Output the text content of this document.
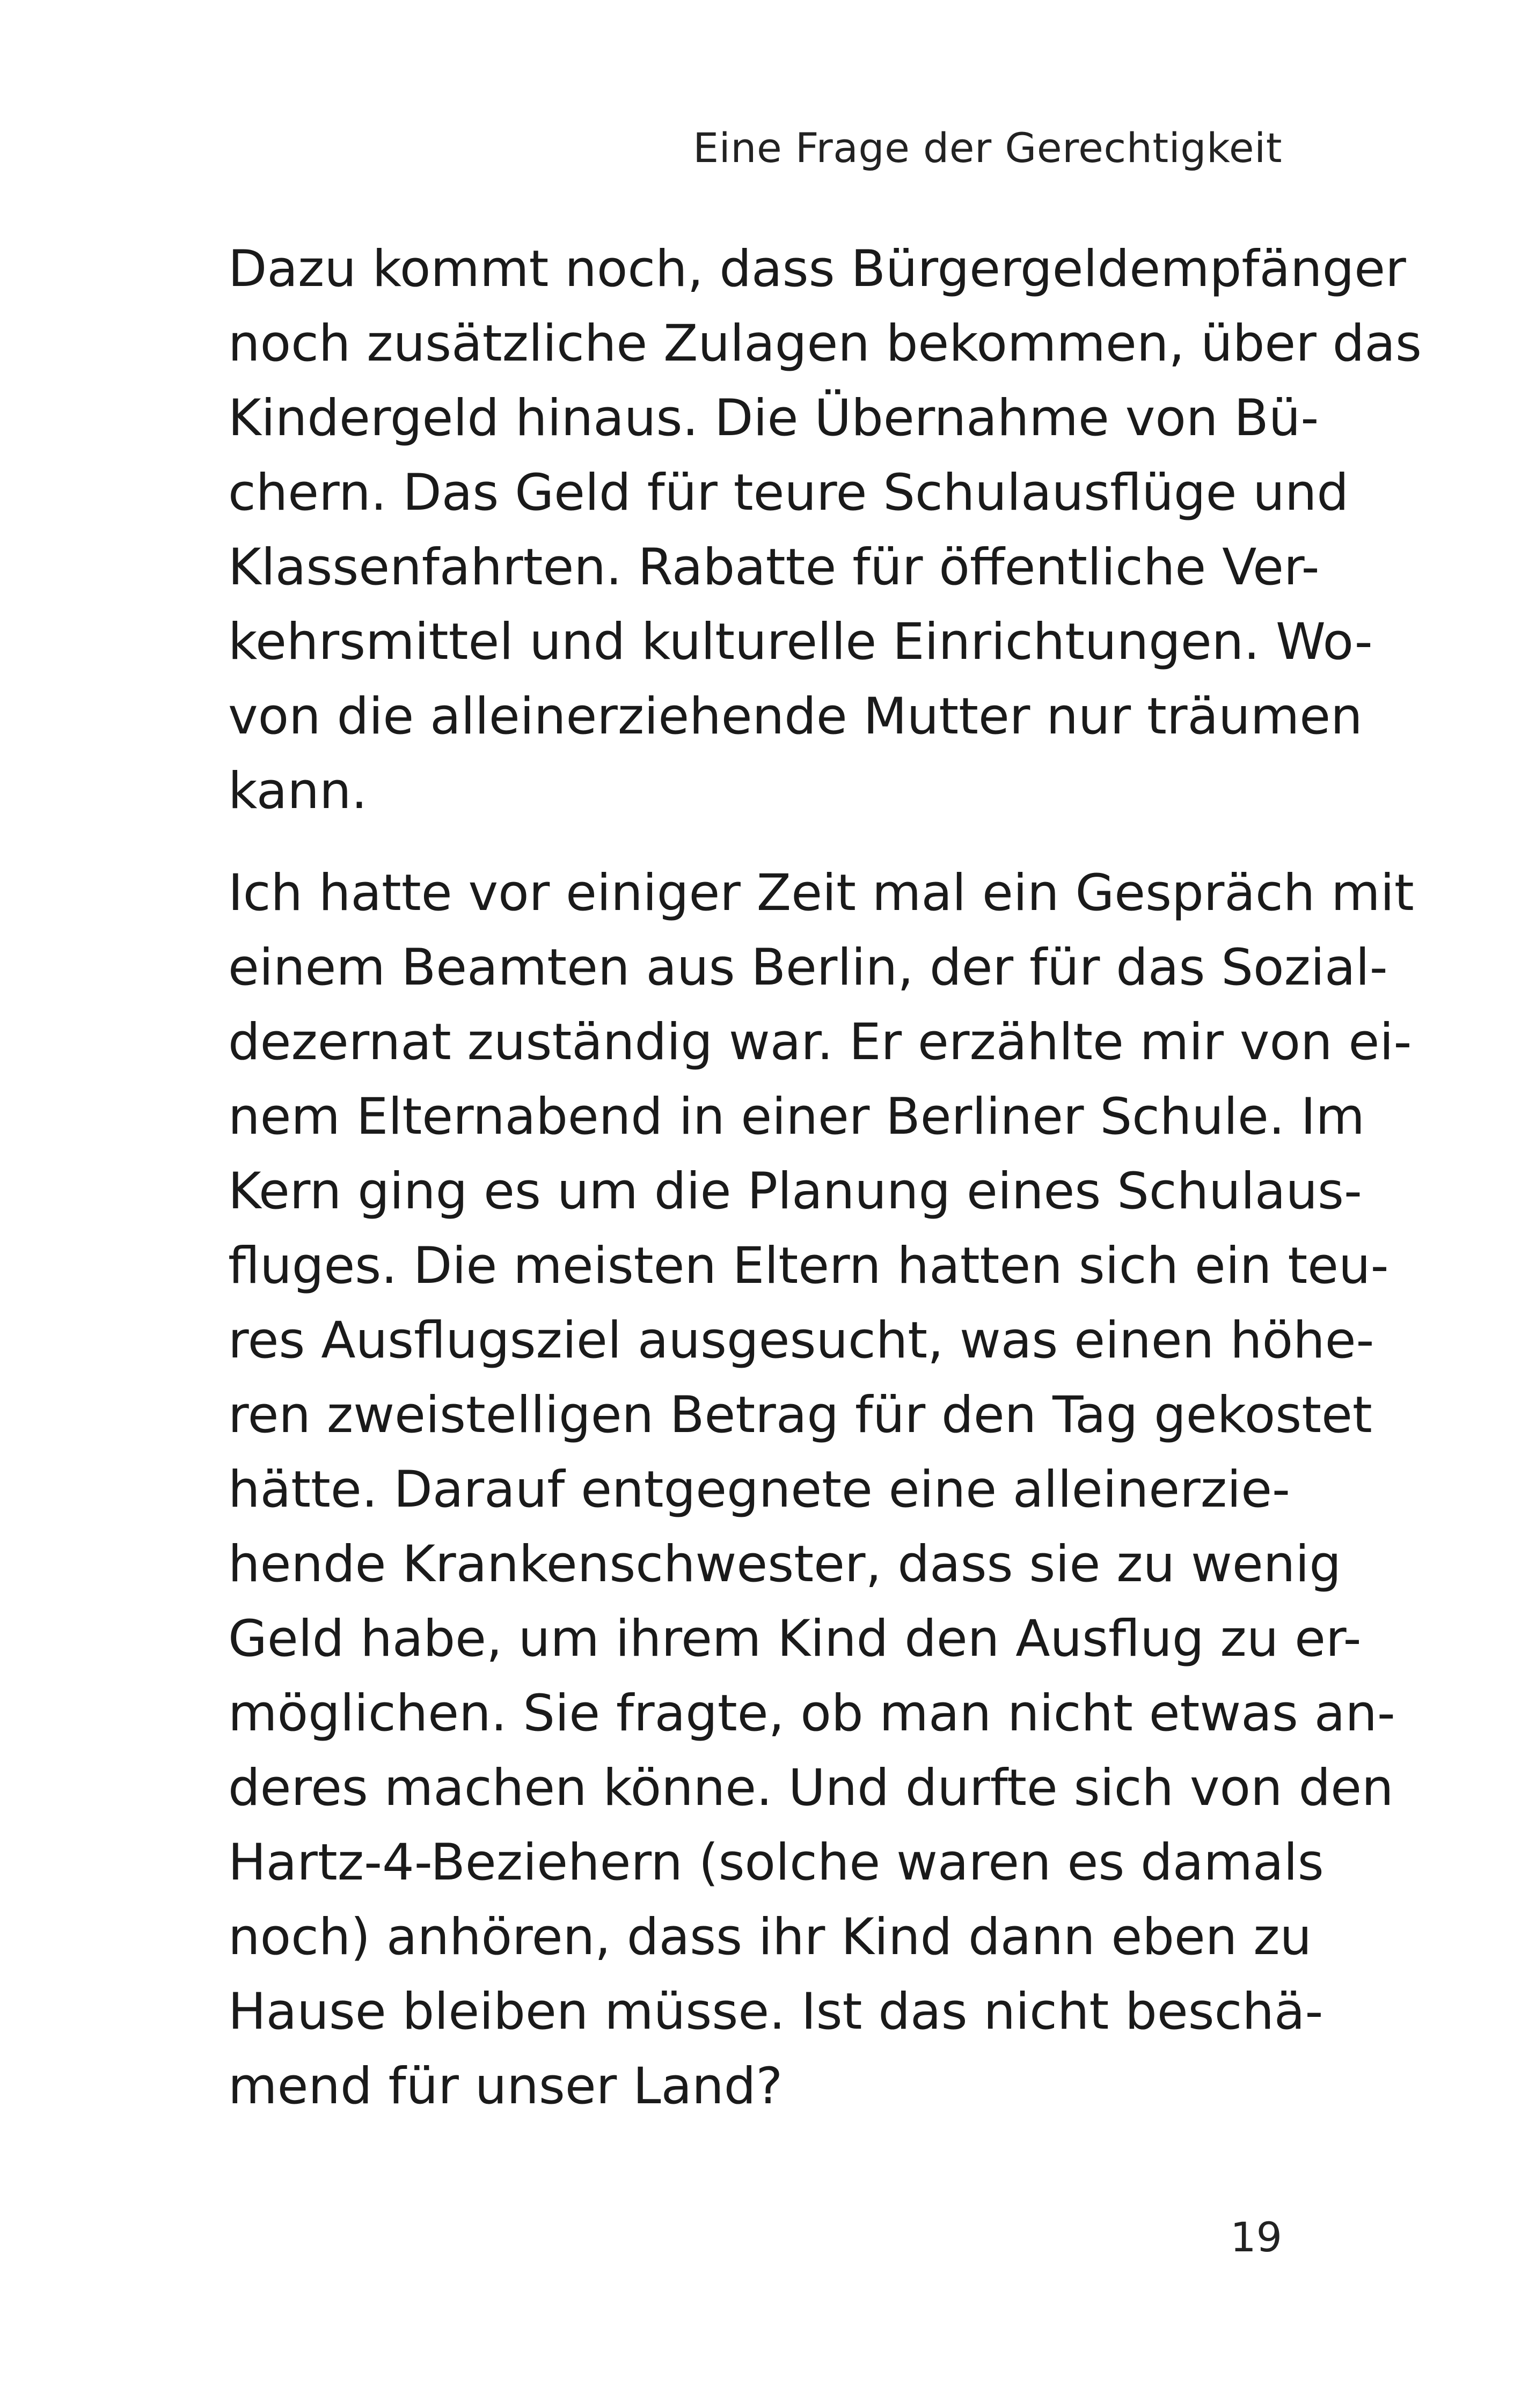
Eine Frage der Gerechtigkeit
Dazu kommt noch, dass Bürgergeldempfänger
noch zusätzliche Zulagen bekommen, über das
Kindergeld hinaus. Die Übernahme von Bü-
chern. Das Geld für teure Schulausflüge und
Klassenfahrten. Rabatte für öffentliche Ver-
kehrsmittel und kulturelle Einrichtungen. Wo-
von die alleinerziehende Mutter nur träumen
kann.
Ich hatte vor einiger Zeit mal ein Gespräch mit
einem Beamten aus Berlin, der für das Sozial-
dezernat zuständig war. Er erzählte mir von ei-
nem Elternabend in einer Berliner Schule. Im
Kern ging es um die Planung eines Schulaus-
fluges. Die meisten Eltern hatten sich ein teu-
res Ausflugsziel ausgesucht, was einen höhe-
ren zweistelligen Betrag für den Tag gekostet
hätte. Darauf entgegnete eine alleinerzie-
hende Krankenschwester, dass sie zu wenig
Geld habe, um ihrem Kind den Ausflug zu er-
möglichen. Sie fragte, ob man nicht etwas an-
deres machen könne. Und durfte sich von den
Hartz-4-Beziehern (solche waren es damals
noch) anhören, dass ihr Kind dann eben zu
Hause bleiben müsse. Ist das nicht beschä-
mend für unser Land?
19
